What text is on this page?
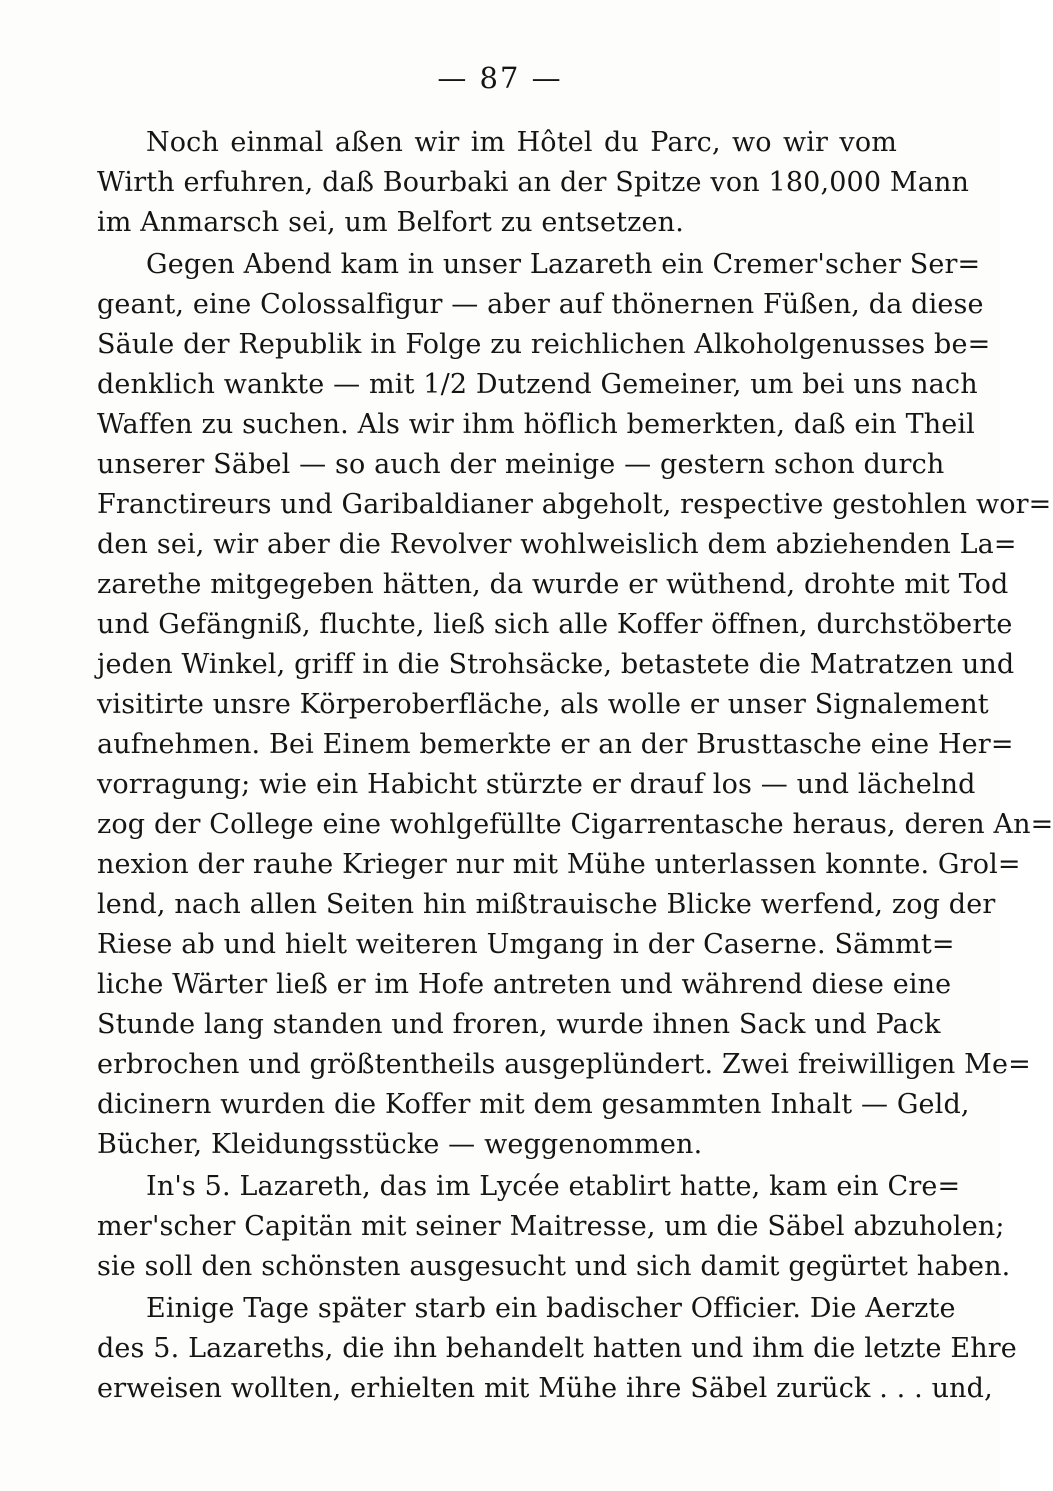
— 87 —
Noch einmal aßen wir im Hôtel du Parc, wo wir vom
Wirth erfuhren, daß Bourbaki an der Spitze von 180,000 Mann
im Anmarsch sei, um Belfort zu entsetzen.
Gegen Abend kam in unser Lazareth ein Cremer'scher Ser=
geant, eine Colossalfigur — aber auf thönernen Füßen, da diese
Säule der Republik in Folge zu reichlichen Alkoholgenusses be=
denklich wankte — mit 1/2 Dutzend Gemeiner, um bei uns nach
Waffen zu suchen. Als wir ihm höflich bemerkten, daß ein Theil
unserer Säbel — so auch der meinige — gestern schon durch
Franctireurs und Garibaldianer abgeholt, respective gestohlen wor=
den sei, wir aber die Revolver wohlweislich dem abziehenden La=
zarethe mitgegeben hätten, da wurde er wüthend, drohte mit Tod
und Gefängniß, fluchte, ließ sich alle Koffer öffnen, durchstöberte
jeden Winkel, griff in die Strohsäcke, betastete die Matratzen und
visitirte unsre Körperoberfläche, als wolle er unser Signalement
aufnehmen. Bei Einem bemerkte er an der Brusttasche eine Her=
vorragung; wie ein Habicht stürzte er drauf los — und lächelnd
zog der College eine wohlgefüllte Cigarrentasche heraus, deren An=
nexion der rauhe Krieger nur mit Mühe unterlassen konnte. Grol=
lend, nach allen Seiten hin mißtrauische Blicke werfend, zog der
Riese ab und hielt weiteren Umgang in der Caserne. Sämmt=
liche Wärter ließ er im Hofe antreten und während diese eine
Stunde lang standen und froren, wurde ihnen Sack und Pack
erbrochen und größtentheils ausgeplündert. Zwei freiwilligen Me=
dicinern wurden die Koffer mit dem gesammten Inhalt — Geld,
Bücher, Kleidungsstücke — weggenommen.
In's 5. Lazareth, das im Lycée etablirt hatte, kam ein Cre=
mer'scher Capitän mit seiner Maitresse, um die Säbel abzuholen;
sie soll den schönsten ausgesucht und sich damit gegürtet haben.
Einige Tage später starb ein badischer Officier. Die Aerzte
des 5. Lazareths, die ihn behandelt hatten und ihm die letzte Ehre
erweisen wollten, erhielten mit Mühe ihre Säbel zurück . . . und,
